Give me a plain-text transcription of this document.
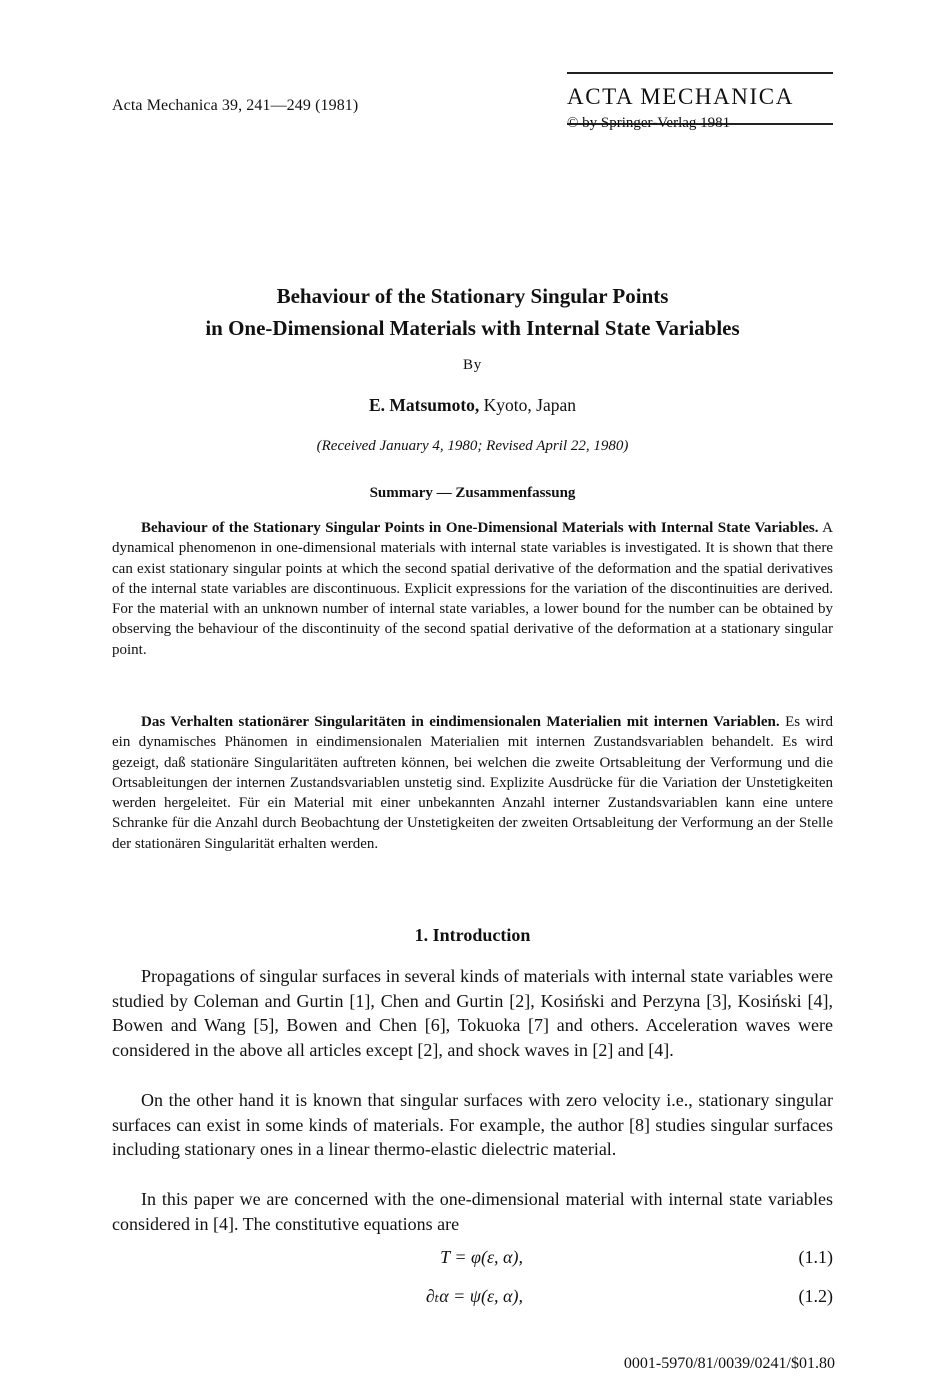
Acta Mechanica 39, 241—249 (1981)	ACTA MECHANICA
© by Springer-Verlag 1981
Behaviour of the Stationary Singular Points
in One-Dimensional Materials with Internal State Variables
By
E. Matsumoto, Kyoto, Japan
(Received January 4, 1980; Revised April 22, 1980)
Summary — Zusammenfassung

Behaviour of the Stationary Singular Points in One-Dimensional Materials with Internal State Variables. A dynamical phenomenon in one-dimensional materials with internal state variables is investigated. It is shown that there can exist stationary singular points at which the second spatial derivative of the deformation and the spatial derivatives of the internal state variables are discontinuous. Explicit expressions for the variation of the discontinuities are derived. For the material with an unknown number of internal state variables, a lower bound for the number can be obtained by observing the behaviour of the discontinuity of the second spatial derivative of the deformation at a stationary singular point.

Das Verhalten stationärer Singularitäten in eindimensionalen Materialien mit internen Variablen. Es wird ein dynamisches Phänomen in eindimensionalen Materialien mit internen Zustandsvariablen behandelt. Es wird gezeigt, daß stationäre Singularitäten auftreten können, bei welchen die zweite Ortsableitung der Verformung und die Ortsableitungen der internen Zustandsvariablen unstetig sind. Explizite Ausdrücke für die Variation der Unstetigkeiten werden hergeleitet. Für ein Material mit einer unbekannten Anzahl interner Zustandsvariablen kann eine untere Schranke für die Anzahl durch Beobachtung der Unstetigkeiten der zweiten Ortsableitung der Verformung an der Stelle der stationären Singularität erhalten werden.

1. Introduction

Propagations of singular surfaces in several kinds of materials with internal state variables were studied by Coleman and Gurtin [1], Chen and Gurtin [2], Kosiński and Perzyna [3], Kosiński [4], Bowen and Wang [5], Bowen and Chen [6], Tokuoka [7] and others. Acceleration waves were considered in the above all articles except [2], and shock waves in [2] and [4].

On the other hand it is known that singular surfaces with zero velocity i.e., stationary singular surfaces can exist in some kinds of materials. For example, the author [8] studies singular surfaces including stationary ones in a linear thermo-elastic dielectric material.

In this paper we are concerned with the one-dimensional material with internal state variables considered in [4]. The constitutive equations are

T = φ(ε, α),	(1.1)
∂ₜα = ψ(ε, α),	(1.2)
0001-5970/81/0039/0241/$01.80
